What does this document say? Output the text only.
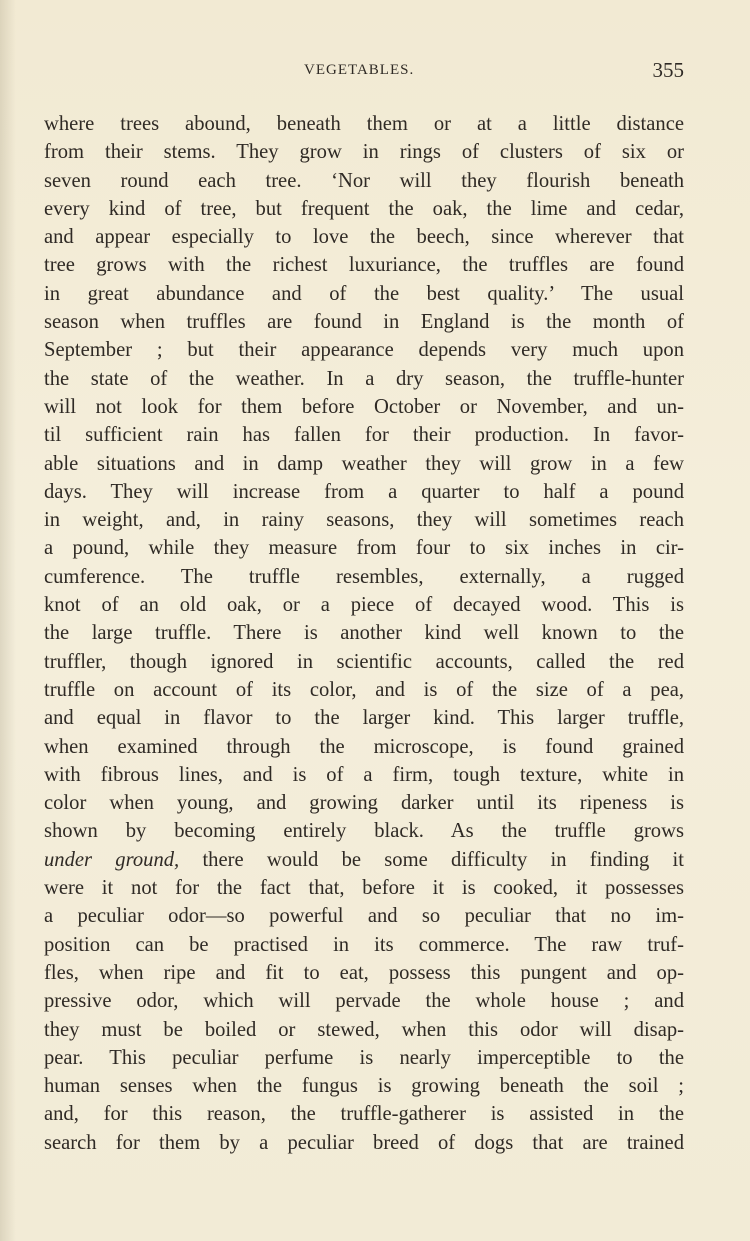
VEGETABLES.	355
where trees abound, beneath them or at a little distance
from their stems. They grow in rings of clusters of six or
seven round each tree. ‘Nor will they flourish beneath
every kind of tree, but frequent the oak, the lime and cedar,
and appear especially to love the beech, since wherever that
tree grows with the richest luxuriance, the truffles are found
in great abundance and of the best quality.’ The usual
season when truffles are found in England is the month of
September ; but their appearance depends very much upon
the state of the weather. In a dry season, the truffle-hunter
will not look for them before October or November, and un-
til sufficient rain has fallen for their production. In favor-
able situations and in damp weather they will grow in a few
days. They will increase from a quarter to half a pound
in weight, and, in rainy seasons, they will sometimes reach
a pound, while they measure from four to six inches in cir-
cumference. The truffle resembles, externally, a rugged
knot of an old oak, or a piece of decayed wood. This is
the large truffle. There is another kind well known to the
truffler, though ignored in scientific accounts, called the red
truffle on account of its color, and is of the size of a pea,
and equal in flavor to the larger kind. This larger truffle,
when examined through the microscope, is found grained
with fibrous lines, and is of a firm, tough texture, white in
color when young, and growing darker until its ripeness is
shown by becoming entirely black. As the truffle grows
under ground, there would be some difficulty in finding it
were it not for the fact that, before it is cooked, it possesses
a peculiar odor—so powerful and so peculiar that no im-
position can be practised in its commerce. The raw truf-
fles, when ripe and fit to eat, possess this pungent and op-
pressive odor, which will pervade the whole house ; and
they must be boiled or stewed, when this odor will disap-
pear. This peculiar perfume is nearly imperceptible to the
human senses when the fungus is growing beneath the soil ;
and, for this reason, the truffle-gatherer is assisted in the
search for them by a peculiar breed of dogs that are trained
